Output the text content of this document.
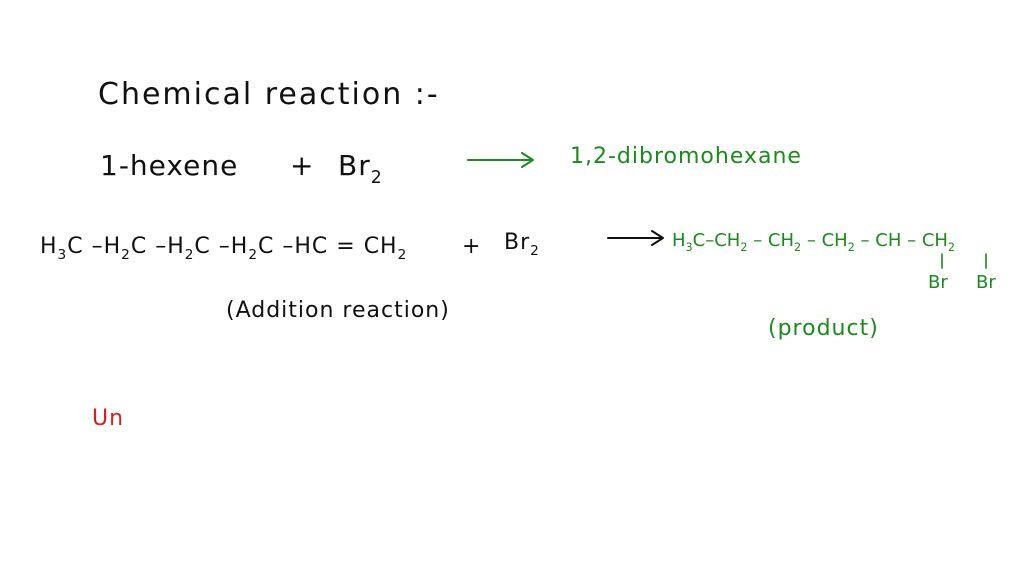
Chemical reaction :-
1-hexene + $Br_2$
1,2-dibromohexane
$H_3C$ $-H_2C$ $-H_2C$ $-H_2C$ $-HC = CH_2 + Br_2$
$H_3C-CH_2 - CH_2 - CH_2$ – CH – $CH_2$
Br Br
(Addition reaction)
(product)
Un
